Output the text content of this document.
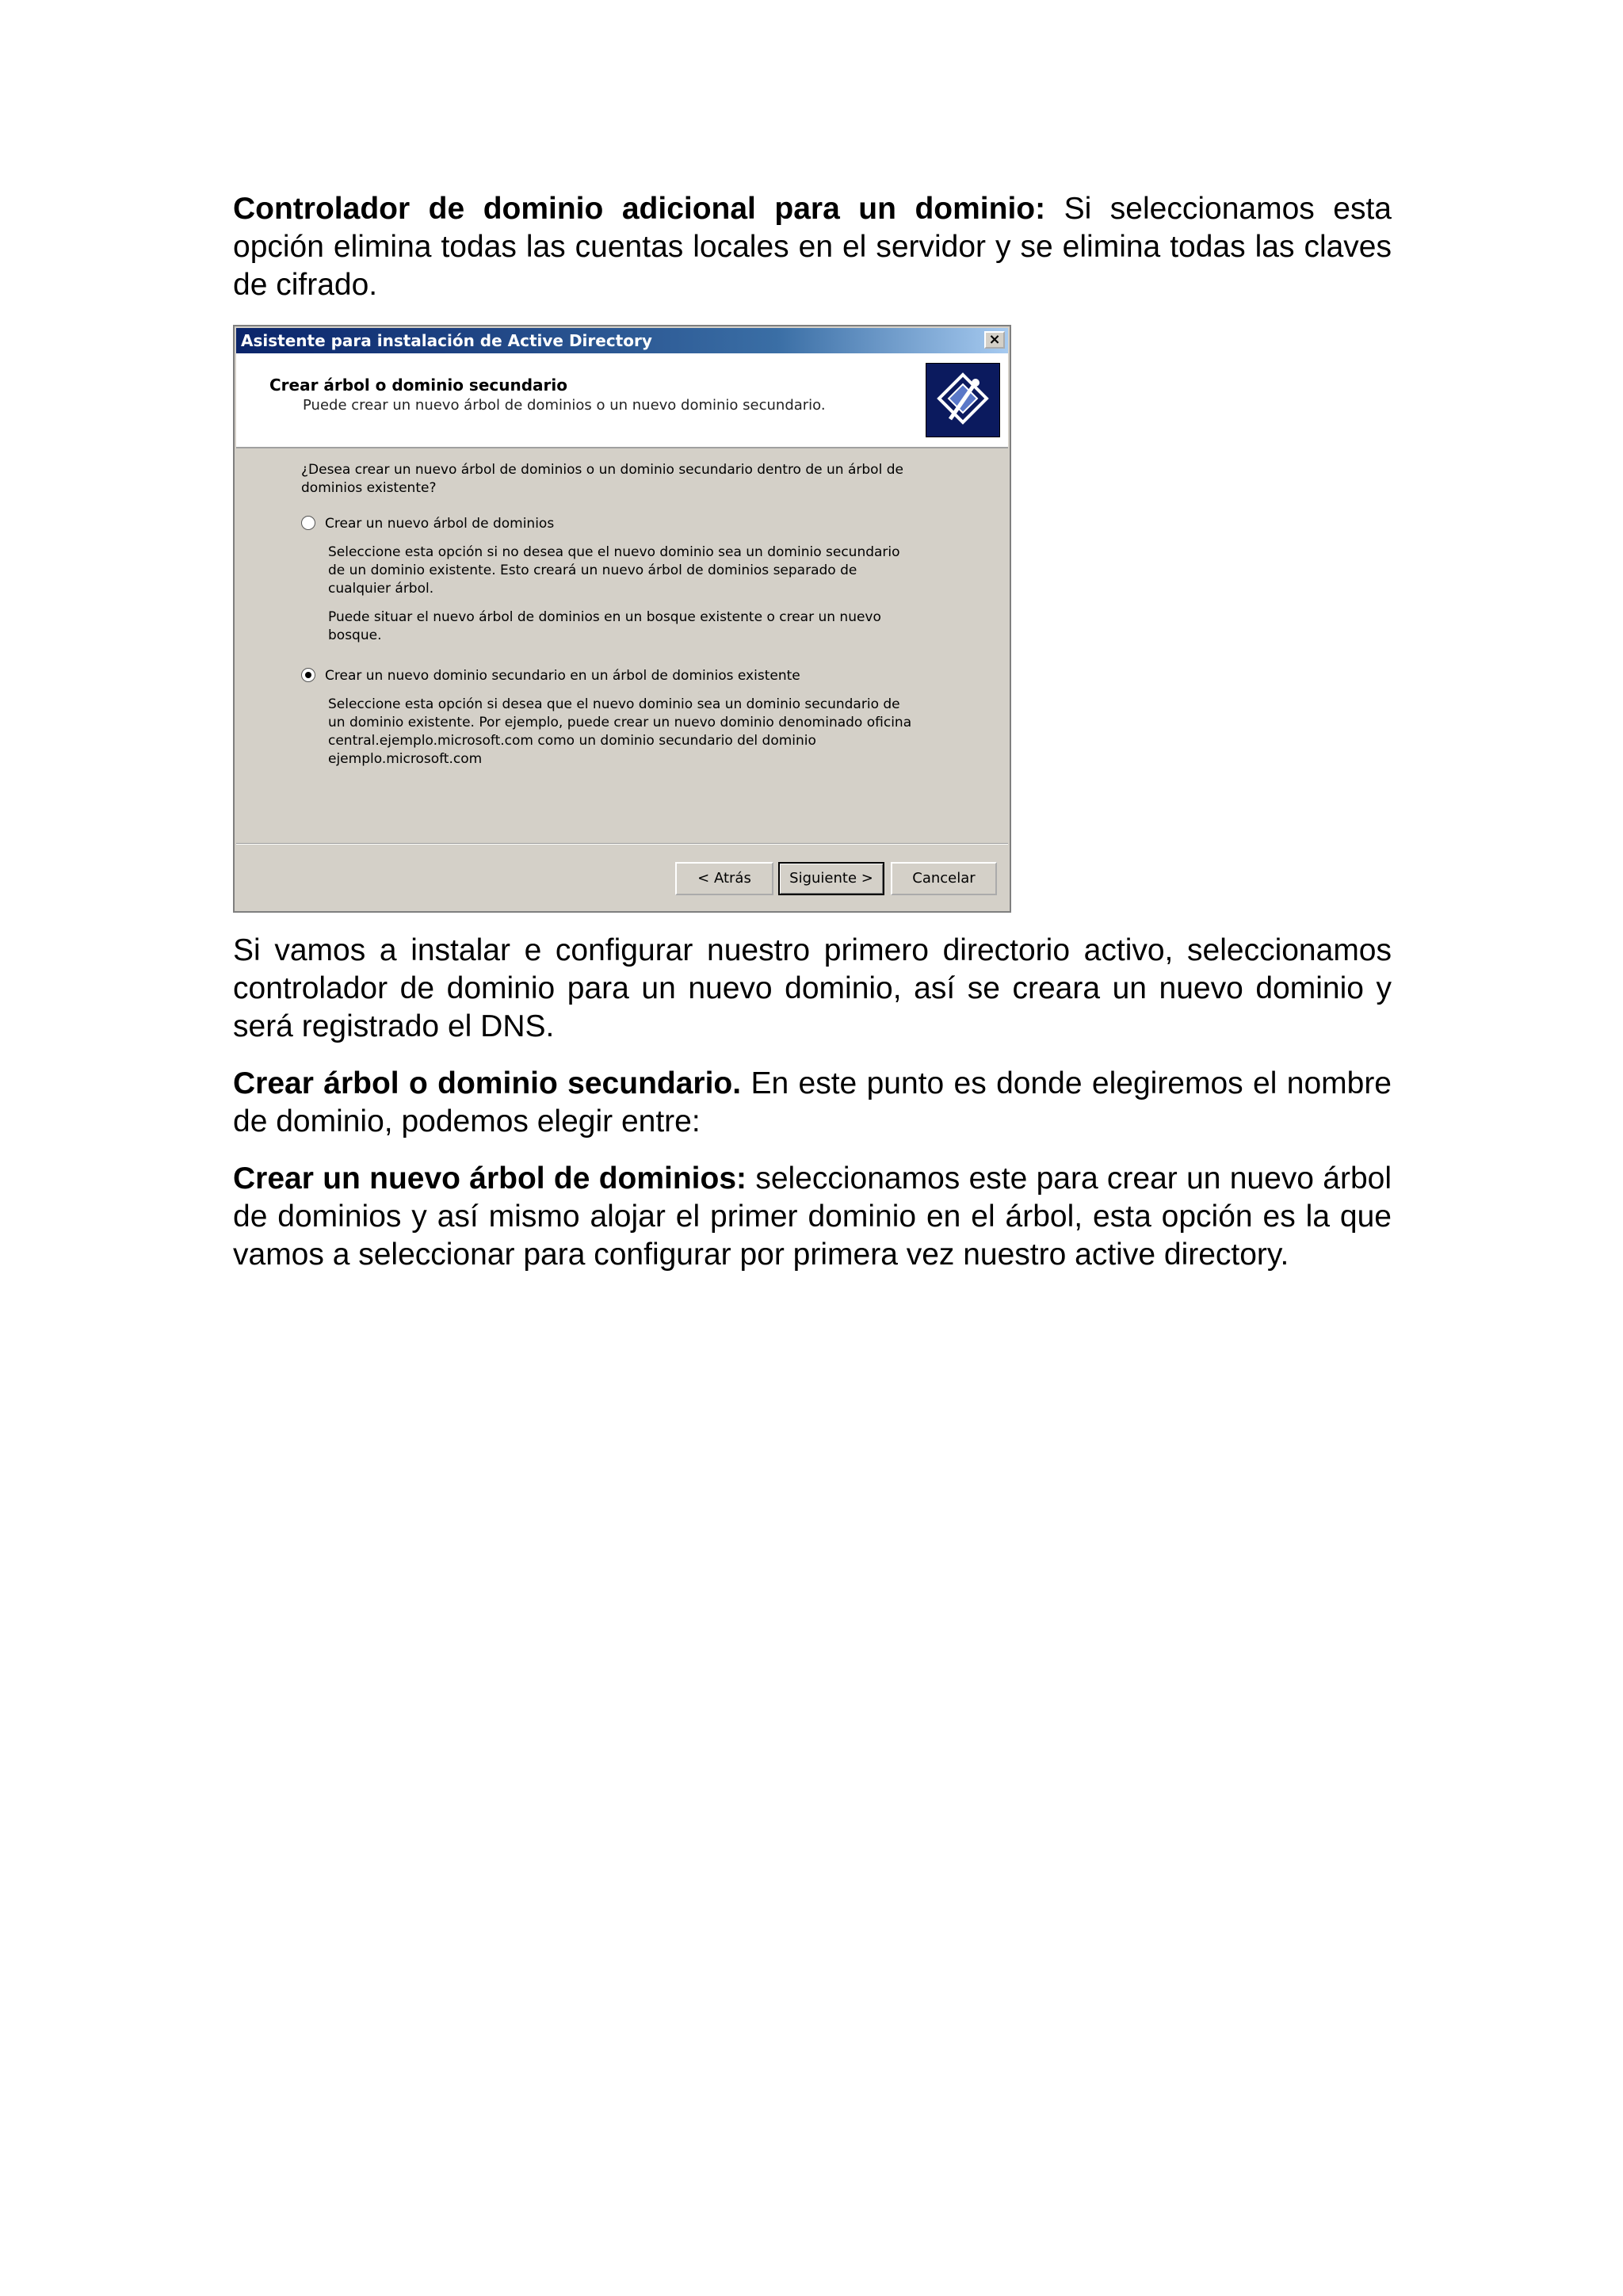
Controlador de dominio adicional para un dominio: Si seleccionamos esta opción elimina todas las cuentas locales en el servidor y se elimina todas las claves de cifrado.

Asistente para instalación de Active Directory	×
Crear árbol o dominio secundario
Puede crear un nuevo árbol de dominios o un nuevo dominio secundario.
¿Desea crear un nuevo árbol de dominios o un dominio secundario dentro de un árbol de dominios existente?
Crear un nuevo árbol de dominios
Seleccione esta opción si no desea que el nuevo dominio sea un dominio secundario de un dominio existente. Esto creará un nuevo árbol de dominios separado de cualquier árbol.
Puede situar el nuevo árbol de dominios en un bosque existente o crear un nuevo bosque.
Crear un nuevo dominio secundario en un árbol de dominios existente
Seleccione esta opción si desea que el nuevo dominio sea un dominio secundario de un dominio existente. Por ejemplo, puede crear un nuevo dominio denominado oficina central.ejemplo.microsoft.com como un dominio secundario del dominio ejemplo.microsoft.com
< Atrás	Siguiente >	Cancelar

Si vamos a instalar e configurar nuestro primero directorio activo, seleccionamos controlador de dominio para un nuevo dominio, así se creara un nuevo dominio y será registrado el DNS.

Crear árbol o dominio secundario. En este punto es donde elegiremos el nombre de dominio, podemos elegir entre:

Crear un nuevo árbol de dominios: seleccionamos este para crear un nuevo árbol de dominios y así mismo alojar el primer dominio en el árbol, esta opción es la que vamos a seleccionar para configurar por primera vez nuestro active directory.
